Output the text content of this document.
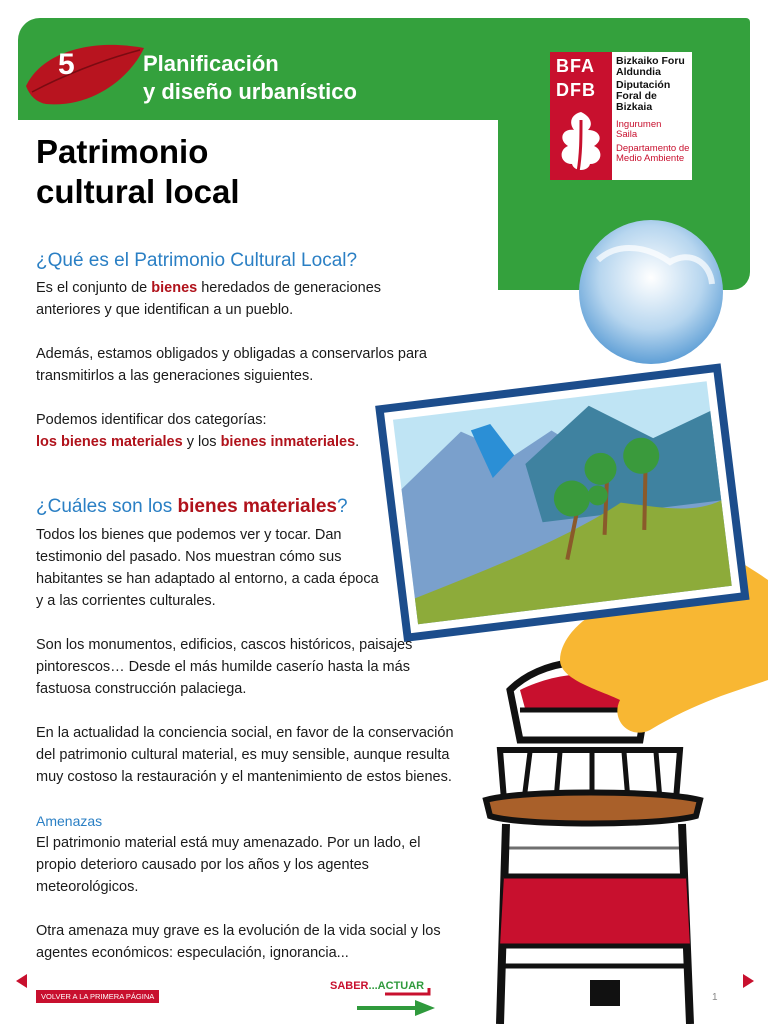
5	Planificación
y diseño urbanístico
BFA
DFB
Bizkaiko Foru
Aldundia
Diputación
Foral de Bizkaia
Ingurumen
Saila
Departamento de
Medio Ambiente
Patrimonio
cultural local
¿Qué es el Patrimonio Cultural Local?
Es el conjunto de bienes heredados de generaciones
anteriores y que identifican a un pueblo.
Además, estamos obligados y obligadas a conservarlos para
transmitirlos a las generaciones siguientes.
Podemos identificar dos categorías:
los bienes materiales y los bienes inmateriales.
¿Cuáles son los bienes materiales?
Todos los bienes que podemos ver y tocar. Dan
testimonio del pasado. Nos muestran cómo sus
habitantes se han adaptado al entorno, a cada época
y a las corrientes culturales.
Son los monumentos, edificios, cascos históricos, paisajes
pintorescos… Desde el más humilde caserío hasta la más
fastuosa construcción palaciega.
En la actualidad la conciencia social, en favor de la conservación
del patrimonio cultural material, es muy sensible, aunque resulta
muy costoso la restauración y el mantenimiento de estos bienes.
Amenazas
El patrimonio material está muy amenazado. Por un lado, el
propio deterioro causado por los años y los agentes
meteorológicos.
Otra amenaza muy grave es la evolución de la vida social y los
agentes económicos: especulación, ignorancia...
VOLVER A LA PRIMERA PÁGINA
SABER...ACTUAR
1
